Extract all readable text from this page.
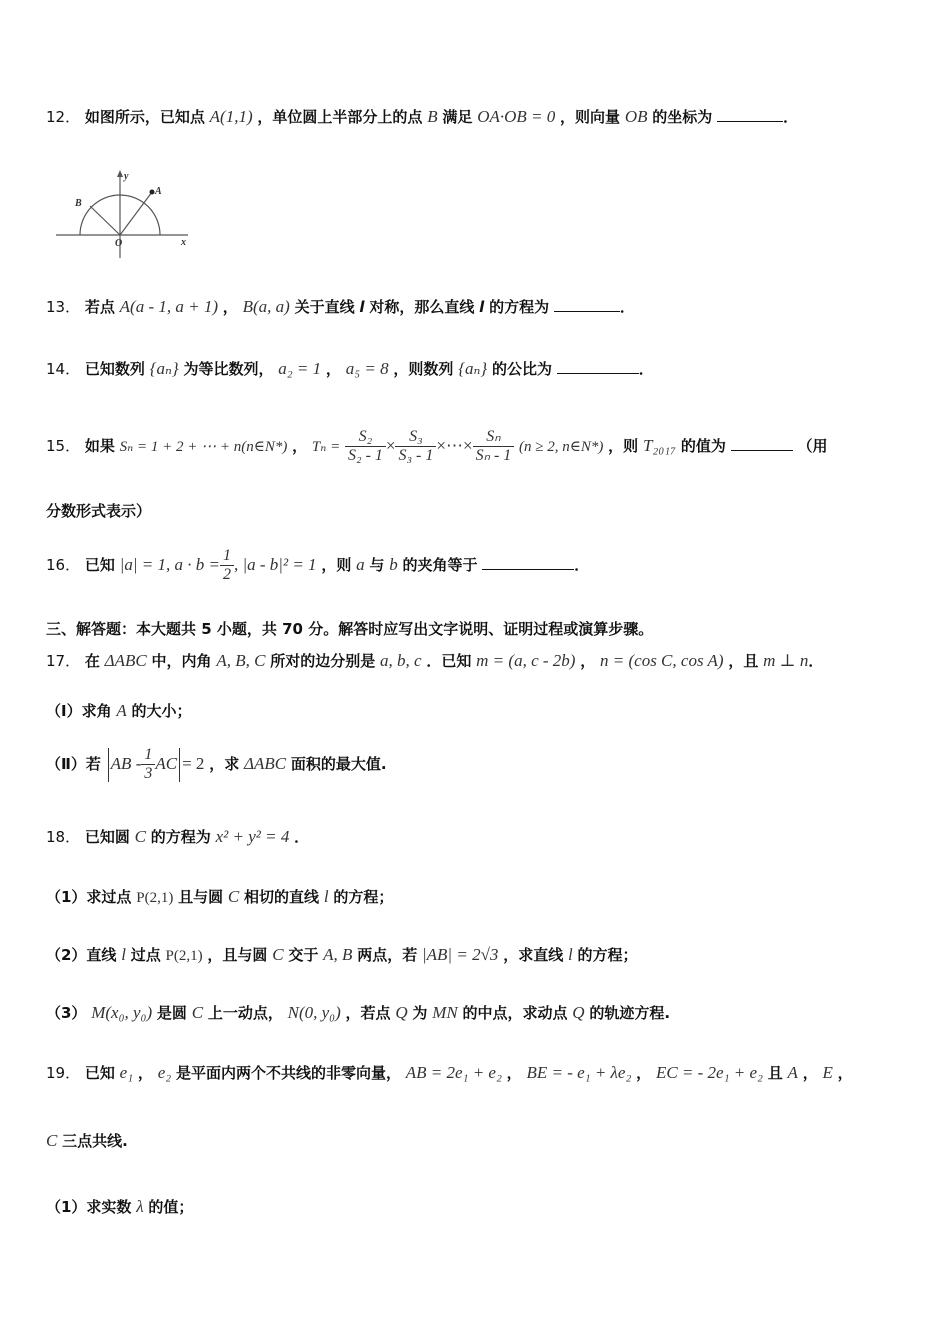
12． 如图所示，已知点 A(1,1) ，单位圆上半部分上的点 B 满足 OA·OB = 0 ，则向量 OB 的坐标为	．
y
x
O
A
B
13． 若点 A(a - 1, a + 1) ， B(a, a) 关于直线 l 对称，那么直线 l 的方程为	．
14． 已知数列 {aₙ} 为等比数列， a₂ = 1 ， a₅ = 8 ，则数列 {aₙ} 的公比为	．
15． 如果 Sₙ = 1 + 2 + ⋯ + n(n∈N*) ， $T_n = \frac{\text{S₂}}{\text{S₂ - 1}} \times \frac{\text{S₃}}{\text{S₃ - 1}}$ ×⋯× $\frac{\text{Sₙ}}{\text{Sₙ - 1}} (n \ge 2$, n∈N*) ，则 T₂₀₁₇ 的值为	（用
分数形式表示）
16． 已知 |a| = 1, $a \cdot b = \frac{1}{2}$ , |a - b|² = 1 ，则 a 与 b 的夹角等于	．
三、解答题：本大题共 5 小题，共 70 分。解答时应写出文字说明、证明过程或演算步骤。
17． 在 ΔABC 中，内角 A, B, C 所对的边分别是 a, b, c ．已知 m = (a, c - 2b) ， n = (cos C, cos A) ，且 m ⊥ n．
（Ⅰ）求角 A 的大小；
（Ⅱ）若 AB - $\frac{1}{3}$ AC = 2 ，求 ΔABC 面积的最大值.
18． 已知圆 C 的方程为 x² + y² = 4 ．
（1）求过点 P(2,1) 且与圆 C 相切的直线 l 的方程；
（2）直线 l 过点 P(2,1) ，且与圆 C 交于 A, B 两点，若 |AB| = 2√3 ，求直线 l 的方程；
（3） M(x₀, y₀) 是圆 C 上一动点， N(0, y₀) ，若点 Q 为 MN 的中点，求动点 Q 的轨迹方程.
19． 已知 e₁ ， e₂ 是平面内两个不共线的非零向量， AB = 2e₁ + e₂ ， BE = - e₁ + λe₂ ， EC = - 2e₁ + e₂ 且 A ， E ，
C 三点共线.
（1）求实数 λ 的值；
